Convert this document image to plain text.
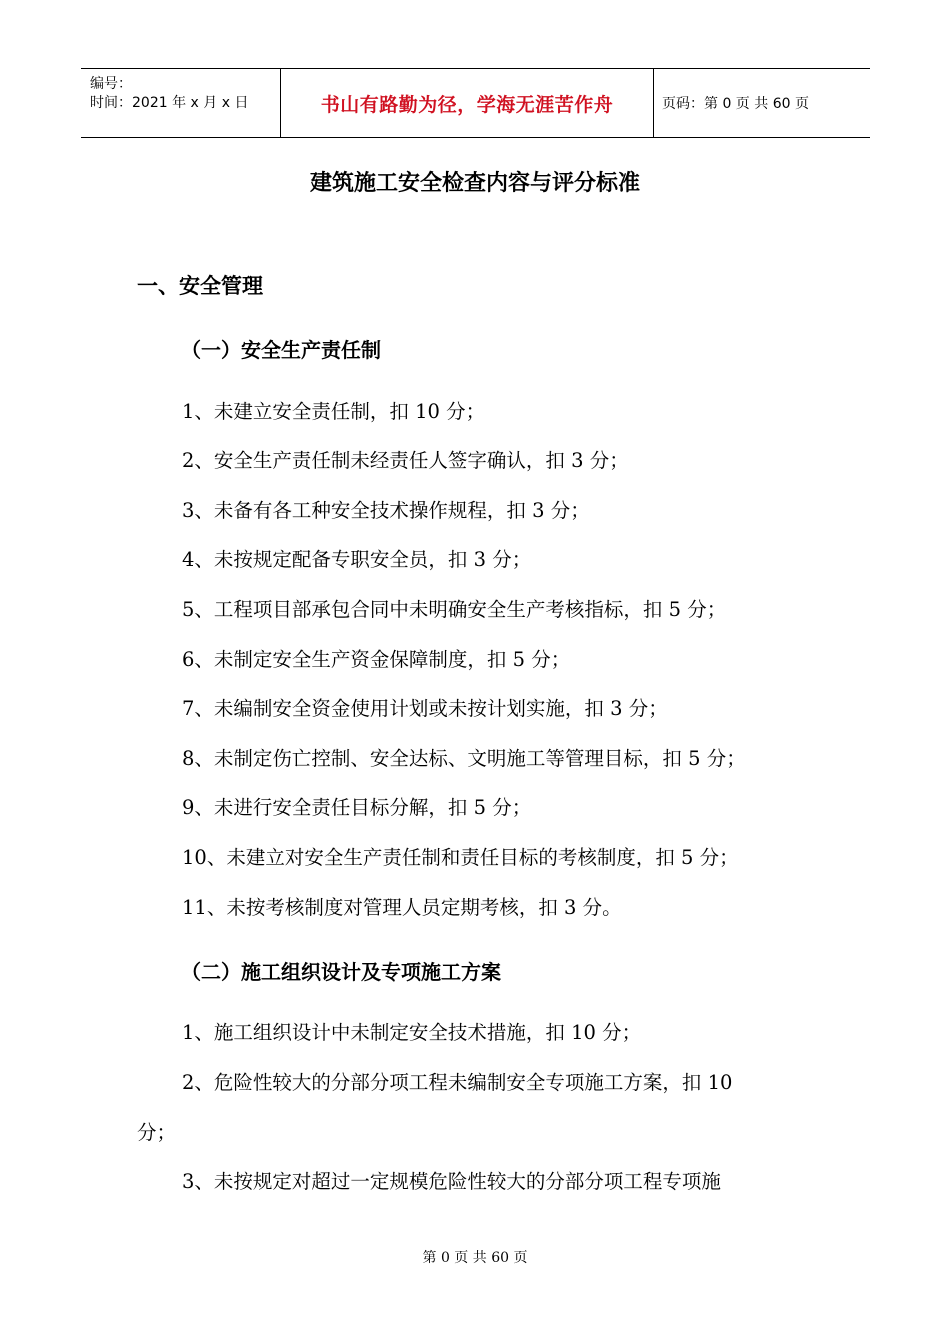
编号：
时间：2021 年 x 月 x 日	书山有路勤为径，学海无涯苦作舟	页码：第 0 页 共 60 页
建筑施工安全检查内容与评分标准
一、安全管理
（一）安全生产责任制
1、未建立安全责任制，扣 10 分；
2、安全生产责任制未经责任人签字确认，扣 3 分；
3、未备有各工种安全技术操作规程，扣 3 分；
4、未按规定配备专职安全员，扣 3 分；
5、工程项目部承包合同中未明确安全生产考核指标，扣 5 分；
6、未制定安全生产资金保障制度，扣 5 分；
7、未编制安全资金使用计划或未按计划实施，扣 3 分；
8、未制定伤亡控制、安全达标、文明施工等管理目标，扣 5 分；
9、未进行安全责任目标分解，扣 5 分；
10、未建立对安全生产责任制和责任目标的考核制度，扣 5 分；
11、未按考核制度对管理人员定期考核，扣 3 分。
（二）施工组织设计及专项施工方案
1、施工组织设计中未制定安全技术措施，扣 10 分；
2、危险性较大的分部分项工程未编制安全专项施工方案，扣 10
分；
3、未按规定对超过一定规模危险性较大的分部分项工程专项施
第 0 页 共 60 页
